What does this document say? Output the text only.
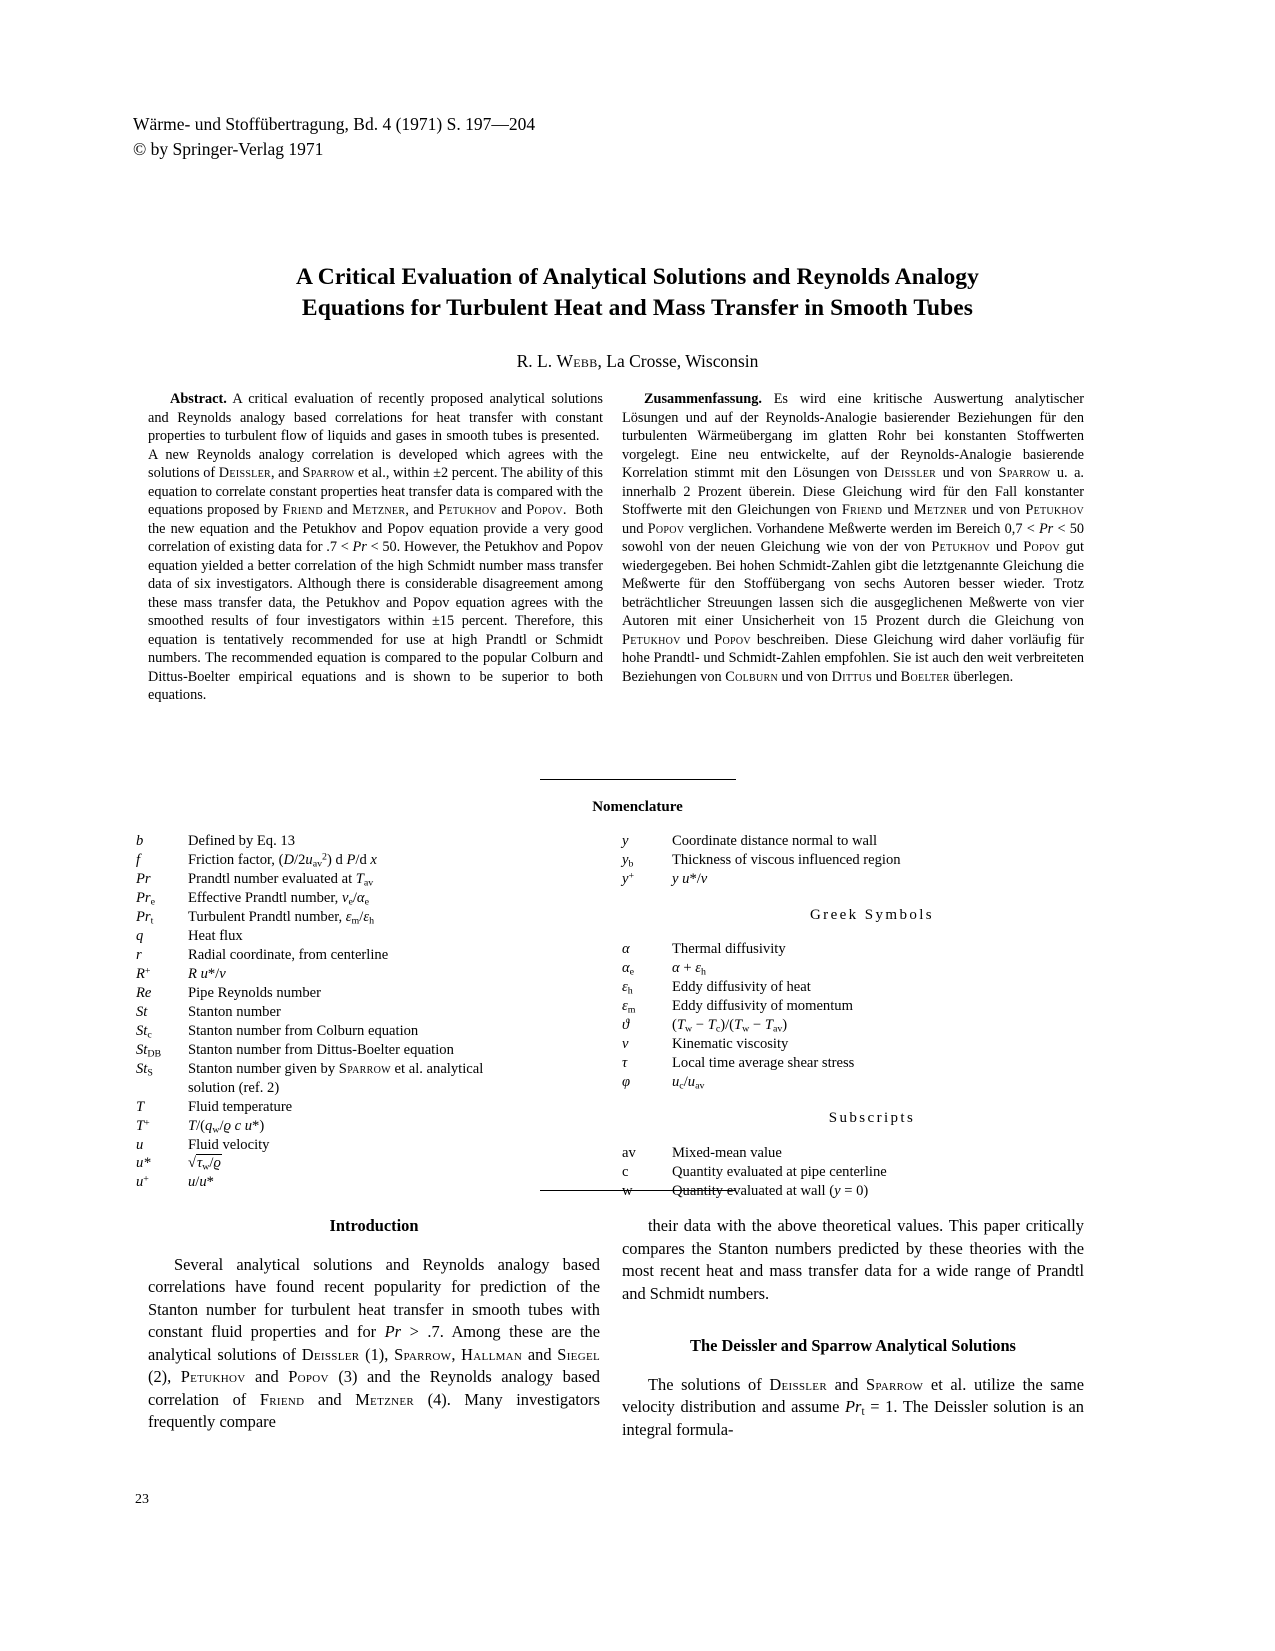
Wärme- und Stoffübertragung, Bd. 4 (1971) S. 197—204
© by Springer-Verlag 1971
A Critical Evaluation of Analytical Solutions and Reynolds Analogy
Equations for Turbulent Heat and Mass Transfer in Smooth Tubes
R. L. Webb, La Crosse, Wisconsin

Abstract. A critical evaluation of recently proposed analytical solutions and Reynolds analogy based correlations for heat transfer with constant properties to turbulent flow of liquids and gases in smooth tubes is presented.  A new Reynolds analogy correlation is developed which agrees with the solutions of Deissler, and Sparrow et al., within ±2 percent. The ability of this equation to correlate constant properties heat transfer data is compared with the equations proposed by Friend and Metzner, and Petukhov and Popov.  Both the new equation and the Petukhov and Popov equation provide a very good correlation of existing data for .7 < Pr < 50. However, the Petukhov and Popov equation yielded a better correlation of the high Schmidt number mass transfer data of six investigators. Although there is considerable disagreement among these mass transfer data, the Petukhov and Popov equation agrees with the smoothed results of four investigators within ±15 percent. Therefore, this equation is tentatively recommended for use at high Prandtl or Schmidt numbers. The recommended equation is compared to the popular Colburn and Dittus-Boelter empirical equations and is shown to be superior to both equations.

Zusammenfassung. Es wird eine kritische Auswertung analytischer Lösungen und auf der Reynolds-Analogie basierender Beziehungen für den turbulenten Wärmeübergang im glatten Rohr bei konstanten Stoffwerten vorgelegt. Eine neu entwickelte, auf der Reynolds-Analogie basierende Korrelation stimmt mit den Lösungen von Deissler und von Sparrow u. a. innerhalb 2 Prozent überein. Diese Gleichung wird für den Fall konstanter Stoffwerte mit den Gleichungen von Friend und Metzner und von Petukhov und Popov verglichen. Vorhandene Meßwerte werden im Bereich 0,7 < Pr < 50 sowohl von der neuen Gleichung wie von der von Petukhov und Popov gut wiedergegeben. Bei hohen Schmidt-Zahlen gibt die letztgenannte Gleichung die Meßwerte für den Stoffübergang von sechs Autoren besser wieder. Trotz beträchtlicher Streuungen lassen sich die ausgeglichenen Meßwerte von vier Autoren mit einer Unsicherheit von 15 Prozent durch die Gleichung von Petukhov und Popov beschreiben. Diese Gleichung wird daher vorläufig für hohe Prandtl- und Schmidt-Zahlen empfohlen. Sie ist auch den weit verbreiteten Beziehungen von Colburn und von Dittus und Boelter überlegen.

Nomenclature
b	Defined by Eq. 13
f	Friction factor, $(D/2u_{av}^2)$ d P/d x
Pr	Prandtl number evaluated at $T_{av}$
$Pr_e$	Effective Prandtl number, $\nu_e/\alpha_e$
$Pr_t$	Turbulent Prandtl number, $\varepsilon_m/\varepsilon_h$
q	Heat flux
r	Radial coordinate, from centerline
R+	R u*/ν
Re	Pipe Reynolds number
St	Stanton number
$St_c$	Stanton number from Colburn equation
$St_{DB}$	Stanton number from Dittus-Boelter equation
$St_S$	Stanton number given by Sparrow et al. analytical
solution (ref. 2)
T	Fluid temperature
T+	$T/(q_w/ϱ$ c u*)
u	Fluid velocity
u*	$√\tau_w/ϱ$
u+	u/u*
y	Coordinate distance normal to wall
$y_b$	Thickness of viscous influenced region
y+	y u*/ν
Greek Symbols
α	Thermal diffusivity
$\alpha_e$	$\alpha + \varepsilon_h$
$\varepsilon_h$	Eddy diffusivity of heat
$\varepsilon_m$	Eddy diffusivity of momentum
ϑ	$(T_w - T_c)/(T_w - T_{av})$
ν	Kinematic viscosity
τ	Local time average shear stress
φ	$u_c/u_{av}$
Subscripts
av	Mixed-mean value
c	Quantity evaluated at pipe centerline
w	Quantity evaluated at wall (y = 0)
Introduction

Several analytical solutions and Reynolds analogy based correlations have found recent popularity for prediction of the Stanton number for turbulent heat transfer in smooth tubes with constant fluid properties and for Pr > .7. Among these are the analytical solutions of Deissler (1), Sparrow, Hallman and Siegel (2), Petukhov and Popov (3) and the Reynolds analogy based correlation of Friend and Metzner (4). Many investigators frequently compare

their data with the above theoretical values. This paper critically compares the Stanton numbers predicted by these theories with the most recent heat and mass transfer data for a wide range of Prandtl and Schmidt numbers.

The Deissler and Sparrow Analytical Solutions

The solutions of Deissler and Sparrow et al. utilize the same velocity distribution and assume $Pr_t = 1$. The Deissler solution is an integral formula-

23
